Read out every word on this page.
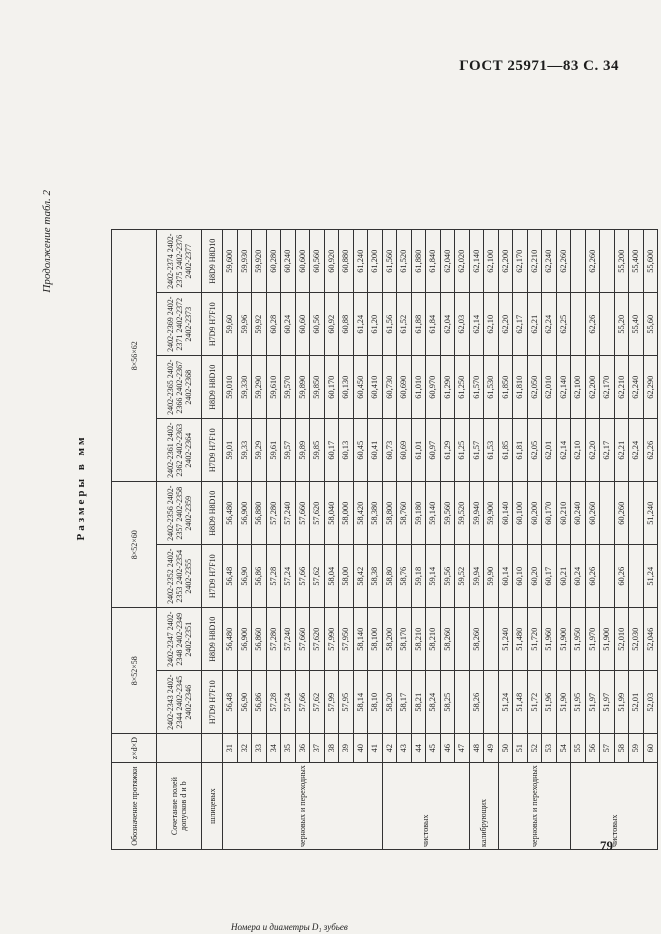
ГОСТ 25971—83 С. 34
Продолжение табл. 2
Размеры в мм
Номера и диаметры D₁ зубьев
Обозначение протяжки	z×d×D	8×52×58		8×52×60		8×56×62			
Сочетание полей допусков d и b		2402-2343 2402-2344 2402-2345 2402-2346	2402-2347 2402-2348 2402-2349 2402-2351	2402-2352 2402-2353 2402-2354 2402-2355	2402-2356 2402-2357 2402-2358 2402-2359	2402-2361 2402-2362 2402-2363 2402-2364	2402-2365 2402-2366 2402-2367 2402-2368	2402-2369 2402-2371 2402-2372 2402-2373	2402-2374 2402-2375 2402-2376 2402-2377
шлицевых		H7D9 H7F10	H8D9 H8D10	H7D9 H7F10	H8D9 H8D10	H7D9 H7F10	H8D9 H8D10	H7D9 H7F10	H8D9 H8D10
черновых и переходных	31	56,48	56,480	56,48	56,480	59,01	59,010	59,60	59,600
	32	56,90	56,900	56,90	56,900	59,33	59,330	59,96	59,930
	33	56,86	56,860	56,86	56,880	59,29	59,290	59,92	59,920
	34	57,28	57,280	57,28	57,280	59,61	59,610	60,28	60,280
	35	57,24	57,240	57,24	57,240	59,57	59,570	60,24	60,240
	36	57,66	57,660	57,66	57,660	59,89	59,890	60,60	60,600
	37	57,62	57,620	57,62	57,620	59,85	59,850	60,56	60,560
	38	57,99	57,990	58,04	58,040	60,17	60,170	60,92	60,920
	39	57,95	57,950	58,00	58,000	60,13	60,130	60,88	60,880
	40	58,14	58,140	58,42	58,420	60,45	60,450	61,24	61,240
	41	58,10	58,100	58,38	58,380	60,41	60,410	61,20	61,200
чистовых	42	58,20	58,200	58,80	58,800	60,73	60,730	61,56	61,560
	43	58,17	58,170	58,76	58,760	60,69	60,690	61,52	61,520
	44	58,21	58,210	59,18	59,180	61,01	61,010	61,88	61,880
	45	58,24	58,210	59,14	59,140	60,97	60,970	61,84	61,840
	46	58,25	58,260	59,56	59,560	61,29	61,290	62,04	62,040
	47			59,52	59,520	61,25	61,250	62,03	62,020
калибрующих	48	58,26	58,260	59,94	59,940	61,57	61,570	62,14	62,140
	49			59,90	59,900	61,53	61,530	62,10	62,100
черновых и переходных	50	51,24	51,240	60,14	60,140	61,85	61,850	62,20	62,200
	51	51,48	51,480	60,10	60,100	61,81	61,810	62,17	62,170
	52	51,72	51,720	60,20	60,200	62,05	62,050	62,21	62,210
	53	51,96	51,960	60,17	60,170	62,01	62,010	62,24	62,240
	54	51,90	51,900	60,21	60,210	62,14	62,140	62,25	62,260
чистовых	55	51,95	51,950	60,24	60,240	62,10	62,100		
	56	51,97	51,970	60,26	60,260	62,20	62,200	62,26	62,260
	57	51,97	51,900			62,17	62,170		
	58	51,99	52,010	60,26	60,260	62,21	62,210	55,20	55,200
	59	52,01	52,030			62,24	62,240	55,40	55,400
	60	52,03	52,046	51,24	51,240	62,26	62,290	55,60	55,600
79
